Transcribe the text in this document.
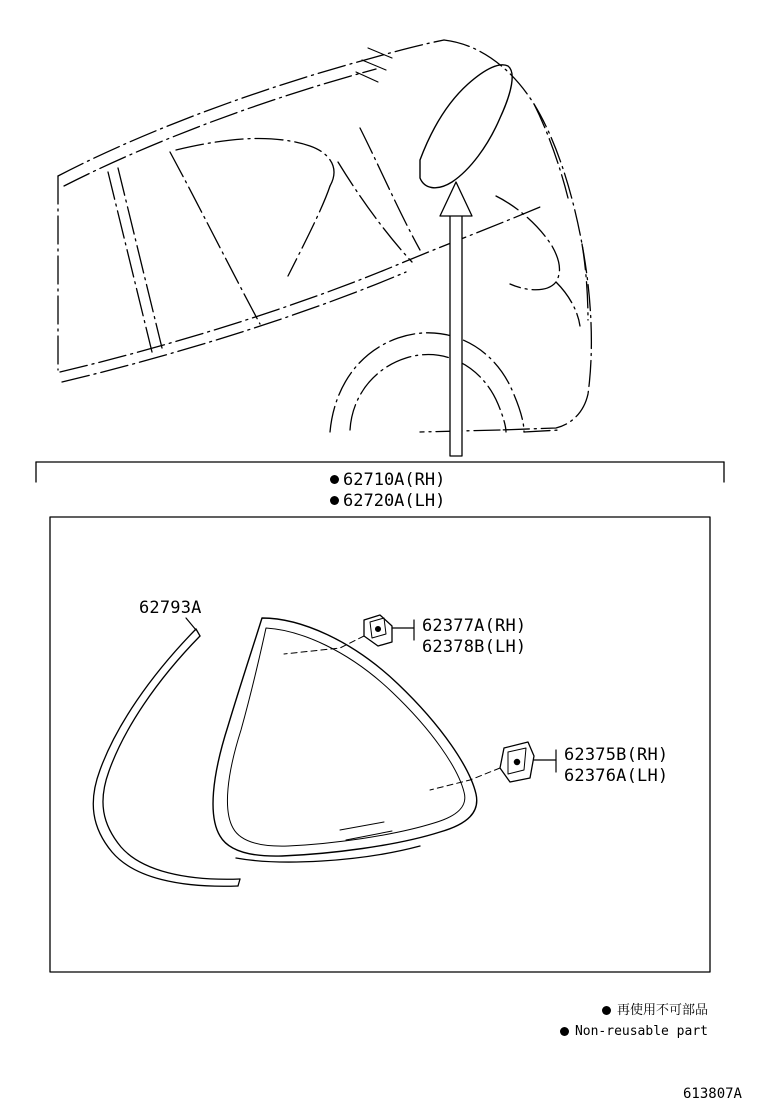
62710A(RH)
62720A(LH)
62793A
62377A(RH)
62378B(LH)
62375B(RH)
62376A(LH)
再使用不可部品
Non-reusable part
613807A
